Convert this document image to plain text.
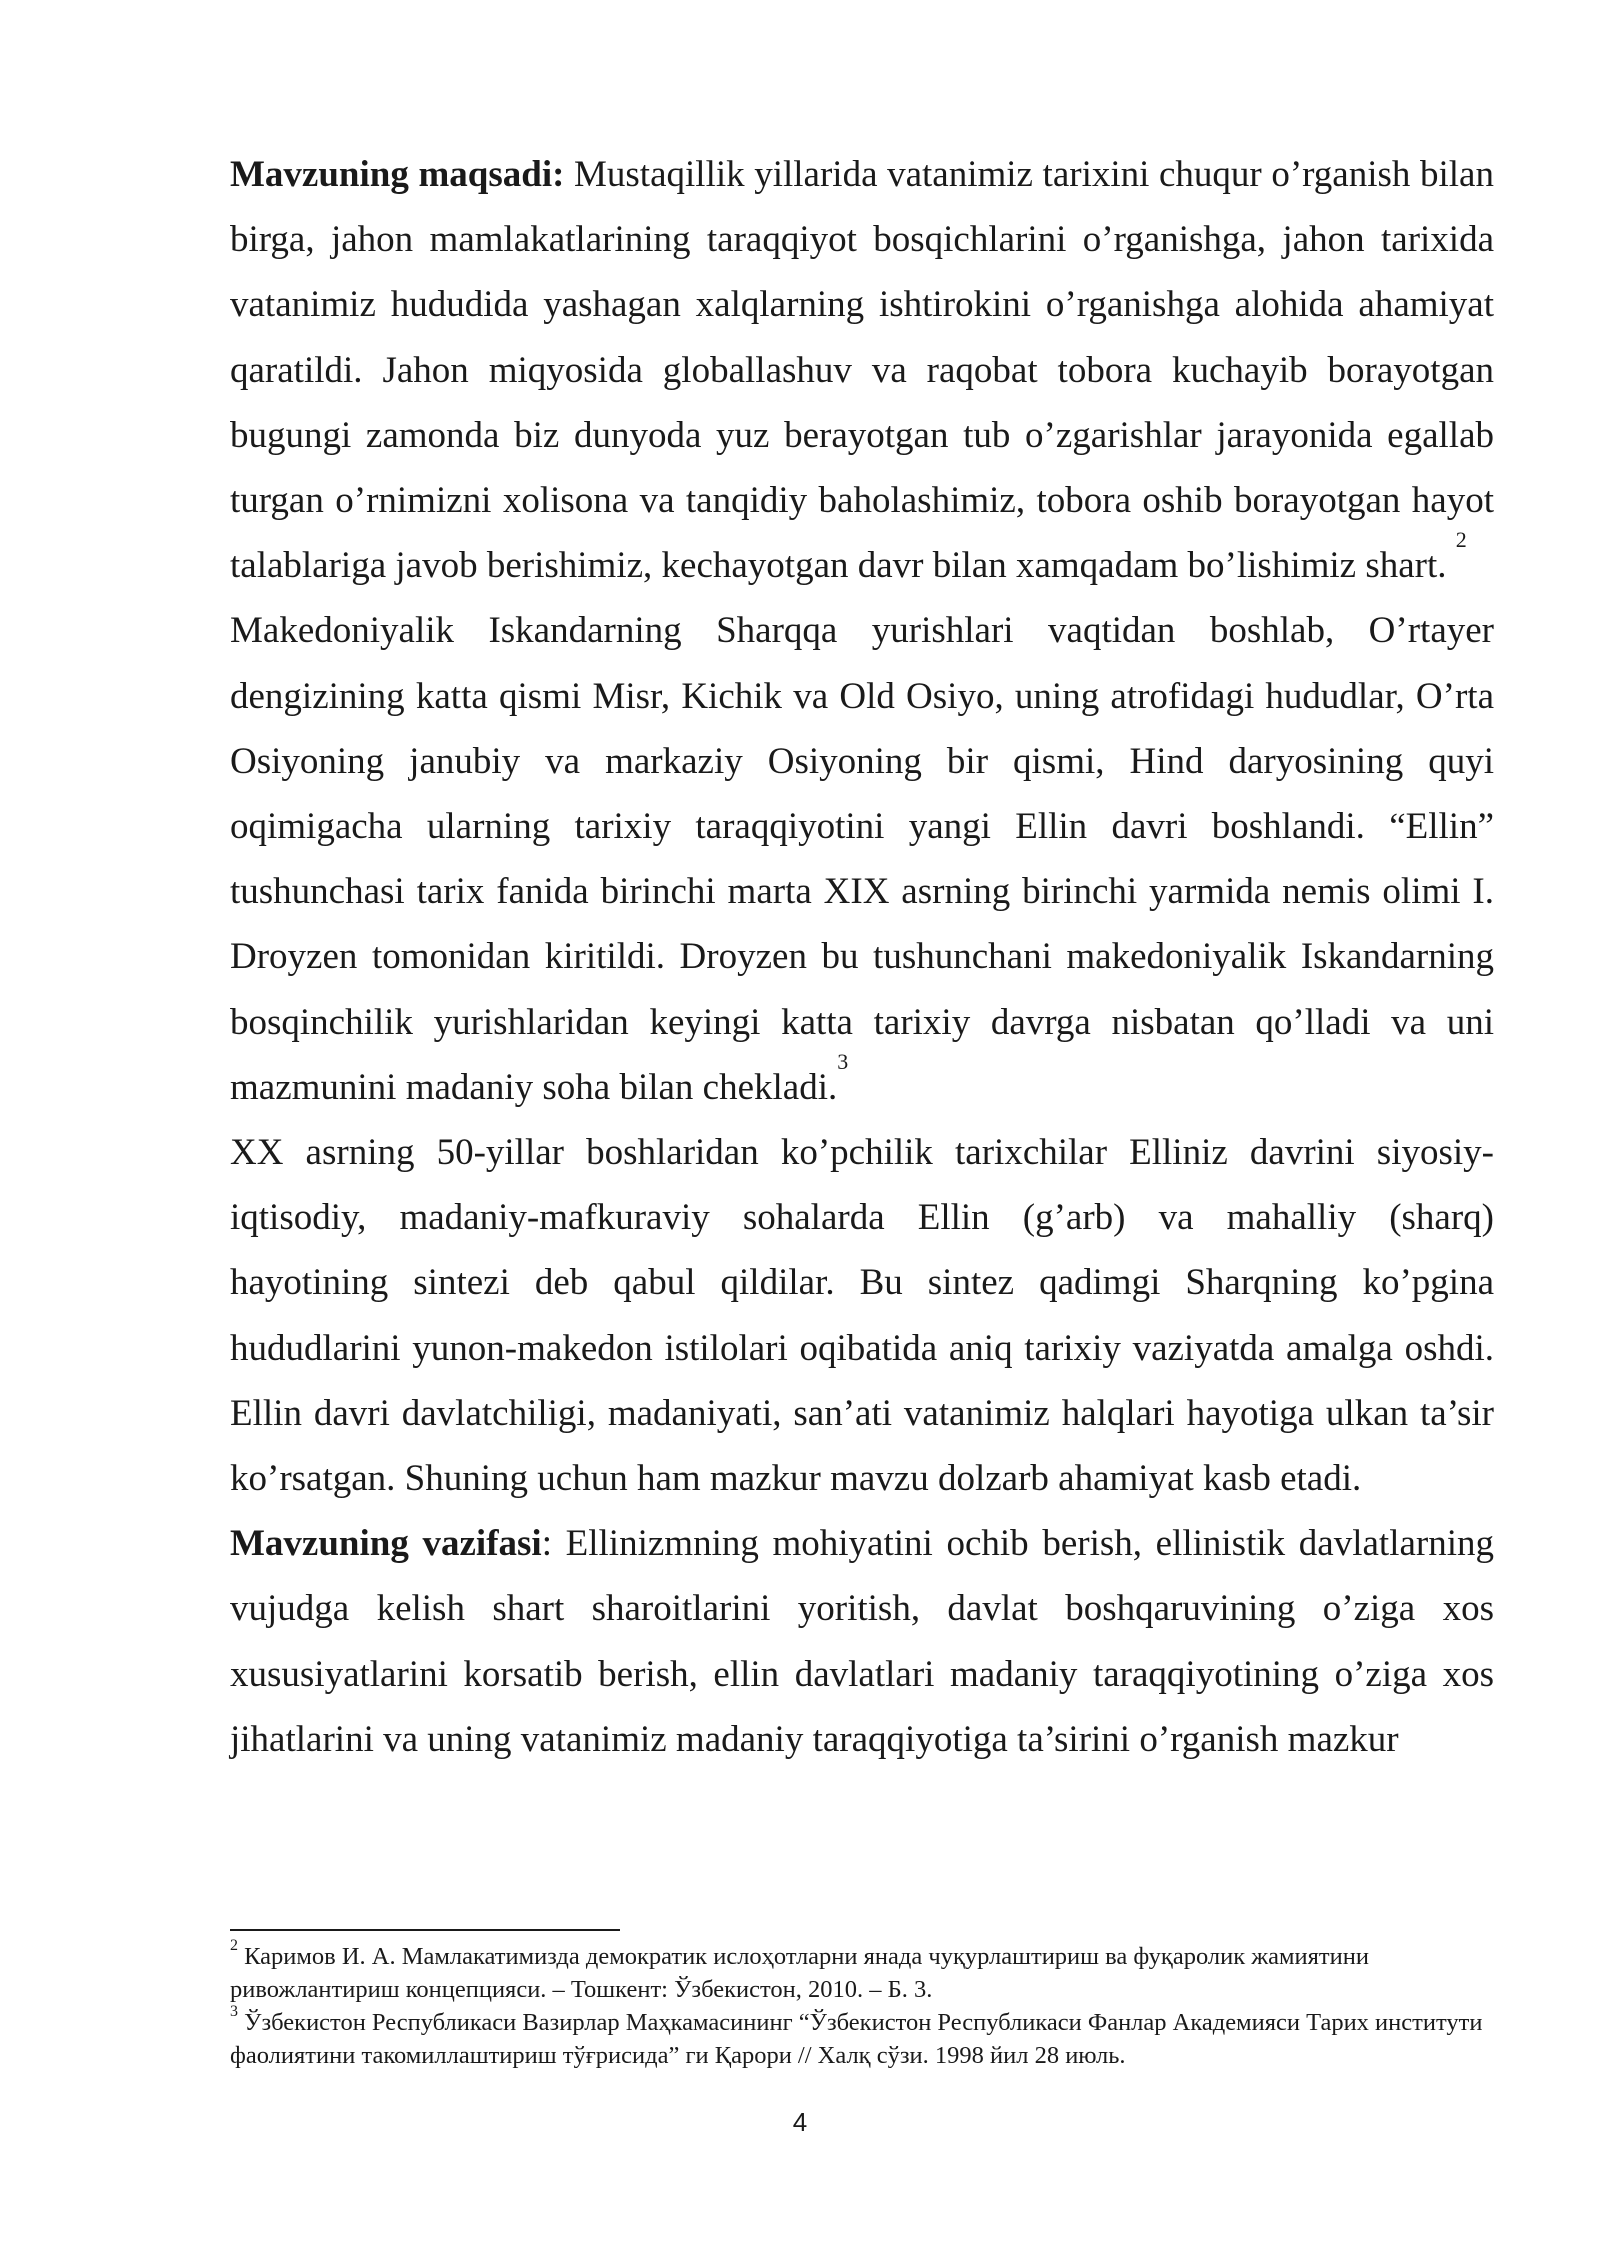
Mavzuning maqsadi: Mustaqillik yillarida vatanimiz tarixini chuqur o’rganish bilan birga, jahon mamlakatlarining taraqqiyot bosqichlarini o’rganishga, jahon tarixida vatanimiz hududida yashagan xalqlarning ishtirokini o’rganishga alohida ahamiyat qaratildi. Jahon miqyosida globallashuv va raqobat tobora kuchayib borayotgan bugungi zamonda biz dunyoda yuz berayotgan tub o’zgarishlar jarayonida egallab turgan o’rnimizni xolisona va tanqidiy baholashimiz, tobora oshib borayotgan hayot talablariga javob berishimiz, kechayotgan davr bilan xamqadam bo’lishimiz shart. $^2$

Makedoniyalik Iskandarning Sharqqa yurishlari vaqtidan boshlab, O’rtayer dengizining katta qismi Misr, Kichik va Old Osiyo, uning atrofidagi hududlar, O’rta Osiyoning janubiy va markaziy Osiyoning bir qismi, Hind daryosining quyi oqimigacha ularning tarixiy taraqqiyotini yangi Ellin davri boshlandi. “Ellin” tushunchasi tarix fanida birinchi marta XIX asrning birinchi yarmida nemis olimi I. Droyzen tomonidan kiritildi. Droyzen bu tushunchani makedoniyalik Iskandarning bosqinchilik yurishlaridan keyingi katta tarixiy davrga nisbatan qo’lladi va uni mazmunini madaniy soha bilan chekladi.$^3$

XX asrning 50-yillar boshlaridan ko’pchilik tarixchilar Elliniz davrini siyosiy-iqtisodiy, madaniy-mafkuraviy sohalarda Ellin (g’arb) va mahalliy (sharq) hayotining sintezi deb qabul qildilar. Bu sintez qadimgi Sharqning ko’pgina hududlarini yunon-makedon istilolari oqibatida aniq tarixiy vaziyatda amalga oshdi. Ellin davri davlatchiligi, madaniyati, san’ati vatanimiz halqlari hayotiga ulkan ta’sir ko’rsatgan. Shuning uchun ham mazkur mavzu dolzarb ahamiyat kasb etadi.

Mavzuning vazifasi: Ellinizmning mohiyatini ochib berish, ellinistik davlatlarning vujudga kelish shart sharoitlarini yoritish, davlat boshqaruvining o’ziga xos xususiyatlarini korsatib berish, ellin davlatlari madaniy taraqqiyotining o’ziga xos jihatlarini va uning vatanimiz madaniy taraqqiyotiga ta’sirini o’rganish mazkur

$^2$ Каримов И. А. Мамлакатимизда демократик ислоҳотларни янада чуқурлаштириш ва фуқаролик жамиятини ривожлантириш концепцияси. – Тошкент: Ўзбекистон, 2010. – Б. 3.

$^3$ Ўзбекистон Республикаси Вазирлар Маҳкамасининг “Ўзбекистон Республикаси Фанлар Академияси Тарих институти фаолиятини такомиллаштириш тўғрисида” ги Қарори // Халқ сўзи. 1998 йил 28 июль.

4
